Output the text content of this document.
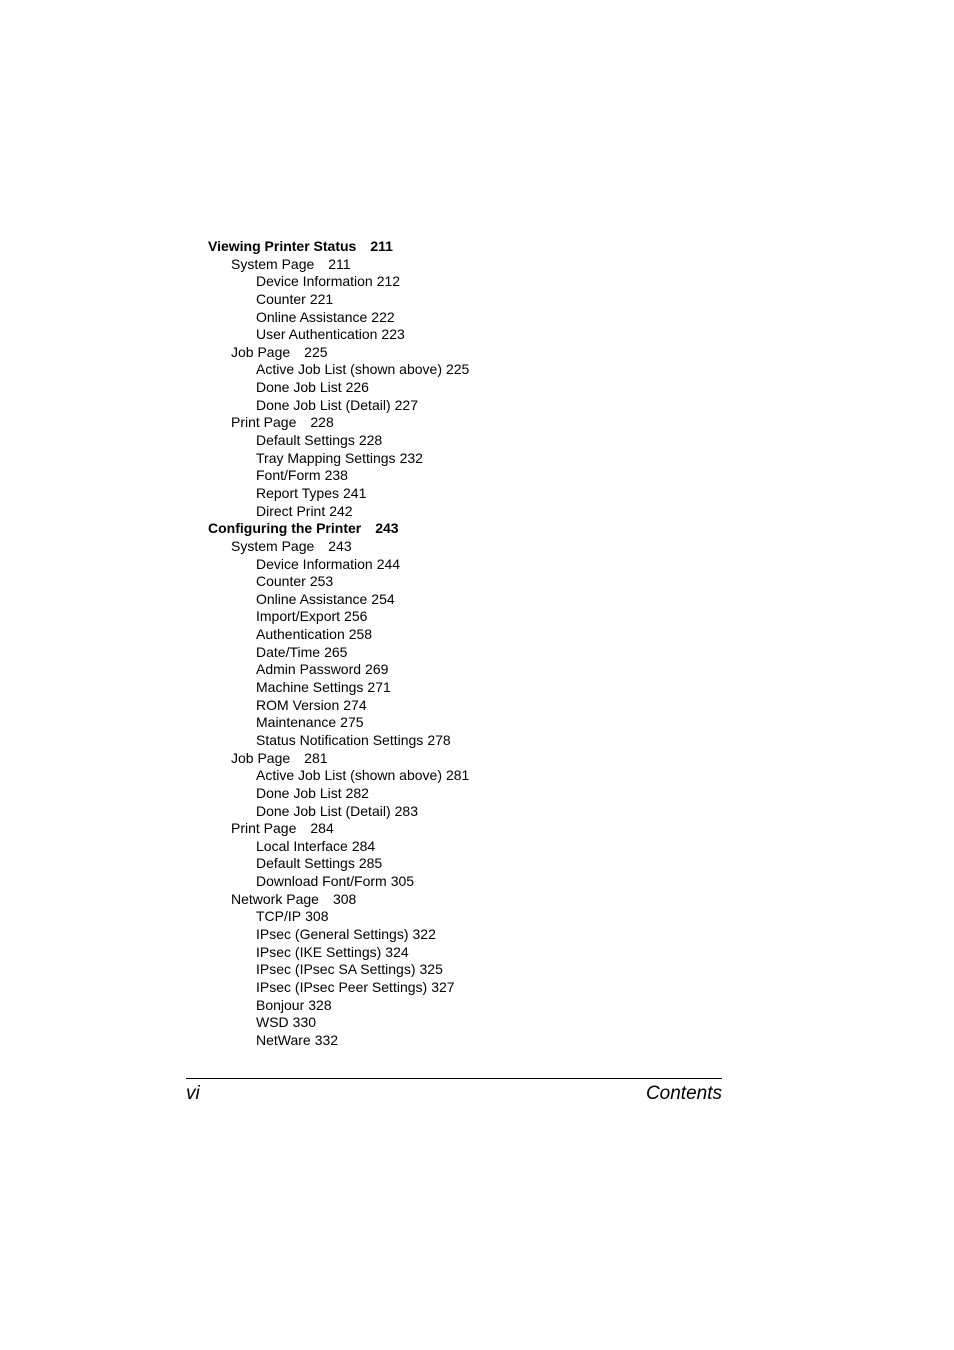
Viewing Printer Status 211
System Page 211
Device Information 212
Counter 221
Online Assistance 222
User Authentication 223
Job Page 225
Active Job List (shown above) 225
Done Job List 226
Done Job List (Detail) 227
Print Page 228
Default Settings 228
Tray Mapping Settings 232
Font/Form 238
Report Types 241
Direct Print 242
Configuring the Printer 243
System Page 243
Device Information 244
Counter 253
Online Assistance 254
Import/Export 256
Authentication 258
Date/Time 265
Admin Password 269
Machine Settings 271
ROM Version 274
Maintenance 275
Status Notification Settings 278
Job Page 281
Active Job List (shown above) 281
Done Job List 282
Done Job List (Detail) 283
Print Page 284
Local Interface 284
Default Settings 285
Download Font/Form 305
Network Page 308
TCP/IP 308
IPsec (General Settings) 322
IPsec (IKE Settings) 324
IPsec (IPsec SA Settings) 325
IPsec (IPsec Peer Settings) 327
Bonjour 328
WSD 330
NetWare 332
vi	Contents
